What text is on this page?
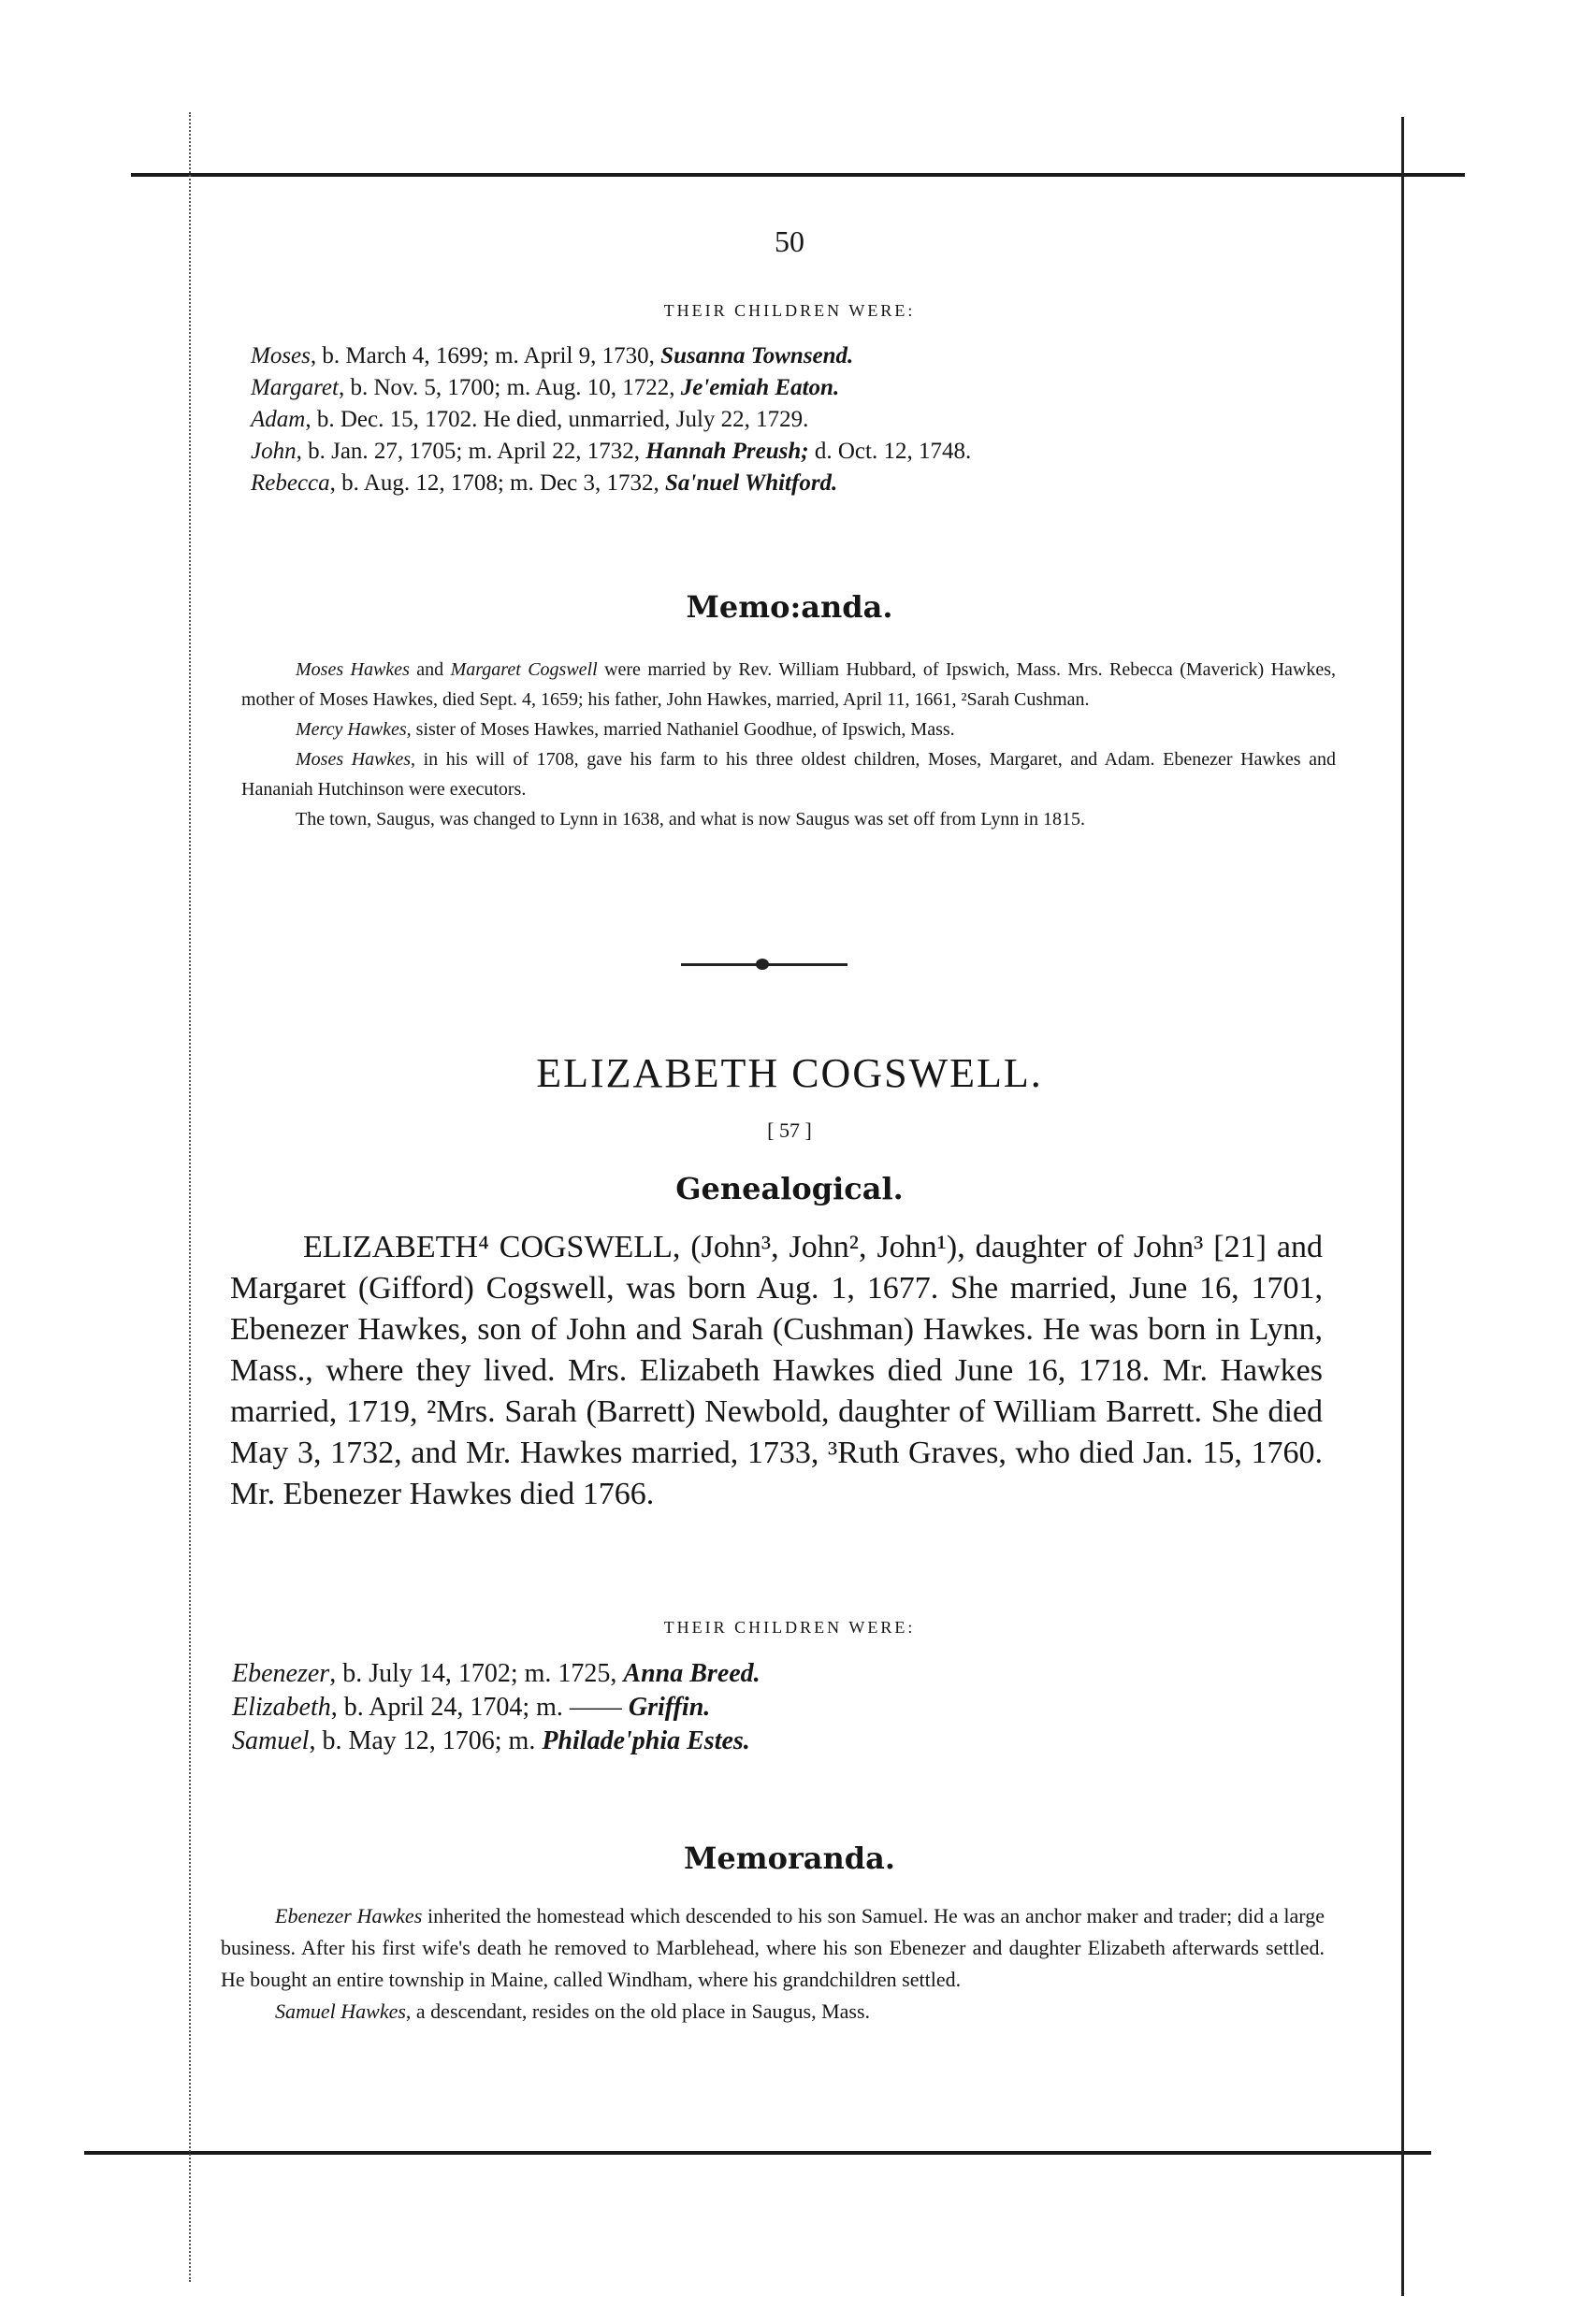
50
THEIR CHILDREN WERE:
Moses, b. March 4, 1699; m. April 9, 1730, Susanna Townsend.
Margaret, b. Nov. 5, 1700; m. Aug. 10, 1722, Je'emiah Eaton.
Adam, b. Dec. 15, 1702. He died, unmarried, July 22, 1729.
John, b. Jan. 27, 1705; m. April 22, 1732, Hannah Preush; d. Oct. 12, 1748.
Rebecca, b. Aug. 12, 1708; m. Dec 3, 1732, Sa'nuel Whitford.
Memo:anda.

Moses Hawkes and Margaret Cogswell were married by Rev. William Hubbard, of Ipswich, Mass. Mrs. Rebecca (Maverick) Hawkes, mother of Moses Hawkes, died Sept. 4, 1659; his father, John Hawkes, married, April 11, 1661, ²Sarah Cushman.

Mercy Hawkes, sister of Moses Hawkes, married Nathaniel Goodhue, of Ipswich, Mass.

Moses Hawkes, in his will of 1708, gave his farm to his three oldest children, Moses, Margaret, and Adam. Ebenezer Hawkes and Hananiah Hutchinson were executors.

The town, Saugus, was changed to Lynn in 1638, and what is now Saugus was set off from Lynn in 1815.

ELIZABETH COGSWELL.
[ 57 ]
Genealogical.

ELIZABETH⁴ COGSWELL, (John³, John², John¹), daughter of John³ [21] and Margaret (Gifford) Cogswell, was born Aug. 1, 1677. She married, June 16, 1701, Ebenezer Hawkes, son of John and Sarah (Cushman) Hawkes. He was born in Lynn, Mass., where they lived. Mrs. Elizabeth Hawkes died June 16, 1718. Mr. Hawkes married, 1719, ²Mrs. Sarah (Barrett) Newbold, daughter of William Barrett. She died May 3, 1732, and Mr. Hawkes married, 1733, ³Ruth Graves, who died Jan. 15, 1760. Mr. Ebenezer Hawkes died 1766.

THEIR CHILDREN WERE:
Ebenezer, b. July 14, 1702; m. 1725, Anna Breed.
Elizabeth, b. April 24, 1704; m. —— Griffin.
Samuel, b. May 12, 1706; m. Philade'phia Estes.
Memoranda.

Ebenezer Hawkes inherited the homestead which descended to his son Samuel. He was an anchor maker and trader; did a large business. After his first wife's death he removed to Marblehead, where his son Ebenezer and daughter Elizabeth afterwards settled. He bought an entire township in Maine, called Windham, where his grandchildren settled.

Samuel Hawkes, a descendant, resides on the old place in Saugus, Mass.
